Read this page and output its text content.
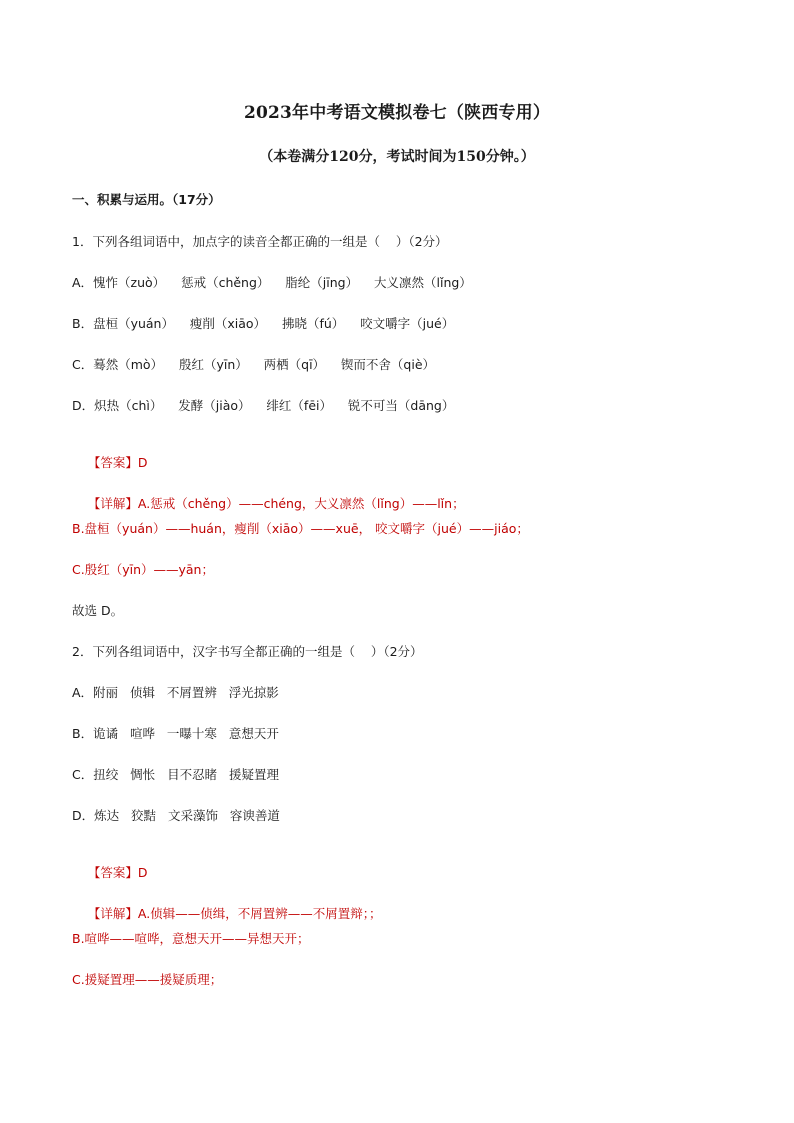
2023年中考语文模拟卷七（陕西专用）
（本卷满分120分，考试时间为150分钟。）
一、积累与运用。（17分）
1．下列各组词语中，加点字的读音全都正确的一组是（    ）（2分）
A．愧怍（zuò）    惩戒（chěng）    脂纶（jīng）    大义凛然（lǐng）
B．盘桓（yuán）    瘦削（xiāo）    拂晓（fú）    咬文嚼字（jué）
C．蓦然（mò）    殷红（yīn）    两栖（qī）    锲而不舍（qiè）
D．炽热（chì）    发酵（jiào）    绯红（fēi）    锐不可当（dāng）

【答案】D

【详解】A.惩戒（chěng）——chéng，大义凛然（lǐng）——lǐn；

B.盘桓（yuán）——huán，瘦削（xiāo）——xuē， 咬文嚼字（jué）——jiáo；
C.殷红（yīn）——yān；
故选 D。
2．下列各组词语中，汉字书写全都正确的一组是（    ）（2分）
A．附丽   侦辑   不屑置辨   浮光掠影
B．诡谲   喧哗   一曝十寒   意想天开
C．扭绞   惆怅   目不忍睹   援疑置理
D．炼达   狡黠   文采藻饰   容谀善道

【答案】D

【详解】A.侦辑——侦缉，不屑置辨——不屑置辩；；

B.喧哗——喧哗，意想天开——异想天开；
C.援疑置理——援疑质理；
